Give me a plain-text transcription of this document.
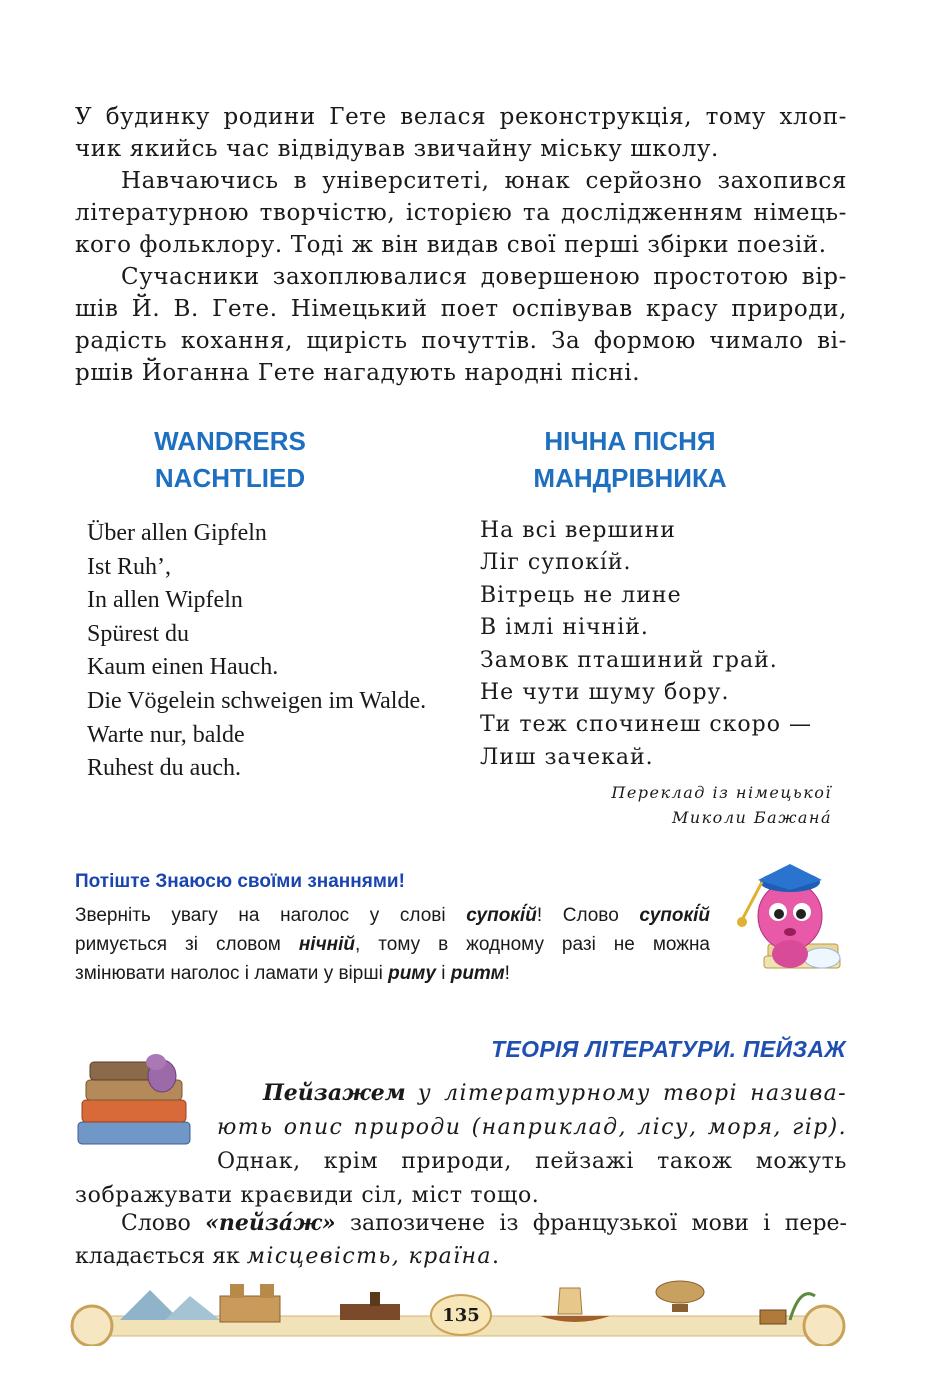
У будинку родини Гете велася реконструкція, тому хлоп-
чик якийсь час відвідував звичайну міську школу.
Навчаючись в університеті, юнак серйозно захопився
літературною творчістю, історією та дослідженням німець-
кого фольклору. Тоді ж він видав свої перші збірки поезій.
Сучасники захоплювалися довершеною простотою вір-
шів Й. В. Гете. Німецький поет оспівував красу природи,
радість кохання, щирість почуттів. За формою чимало ві-
ршів Йоганна Гете нагадують народні пісні.
WANDRERS
NACHTLIED
НІЧНА ПІСНЯ
МАНДРІВНИКА
Über allen Gipfeln
Ist Ruh’,
In allen Wipfeln
Spürest du
Kaum einen Hauch.
Die Vögelein schweigen im Walde.
Warte nur, balde
Ruhest du auch.
На всі вершини
Ліг супокі́й.
Вітрець не лине
В імлі нічній.
Замовк пташиний грай.
Не чути шуму бору.
Ти теж спочинеш скоро —
Лиш зачекай.
Переклад із німецької
Миколи Бажана́
Потіште Знаюсю своїми знаннями!
Зверніть увагу на наголос у слові супокі́й! Слово супокі́й
римується зі словом нічній, тому в жодному разі не можна
змінювати наголос і ламати у вірші риму і ритм!
ТЕОРІЯ ЛІТЕРАТУРИ. ПЕЙЗАЖ
Пейзажем у літературному творі назива-
ють опис природи (наприклад, лісу, моря, гір).
Однак, крім природи, пейзажі також можуть
зображувати краєвиди сіл, міст тощо.
Слово «пейза́ж» запозичене із французької мови і пере-
кладається як місцевість, країна.
135
